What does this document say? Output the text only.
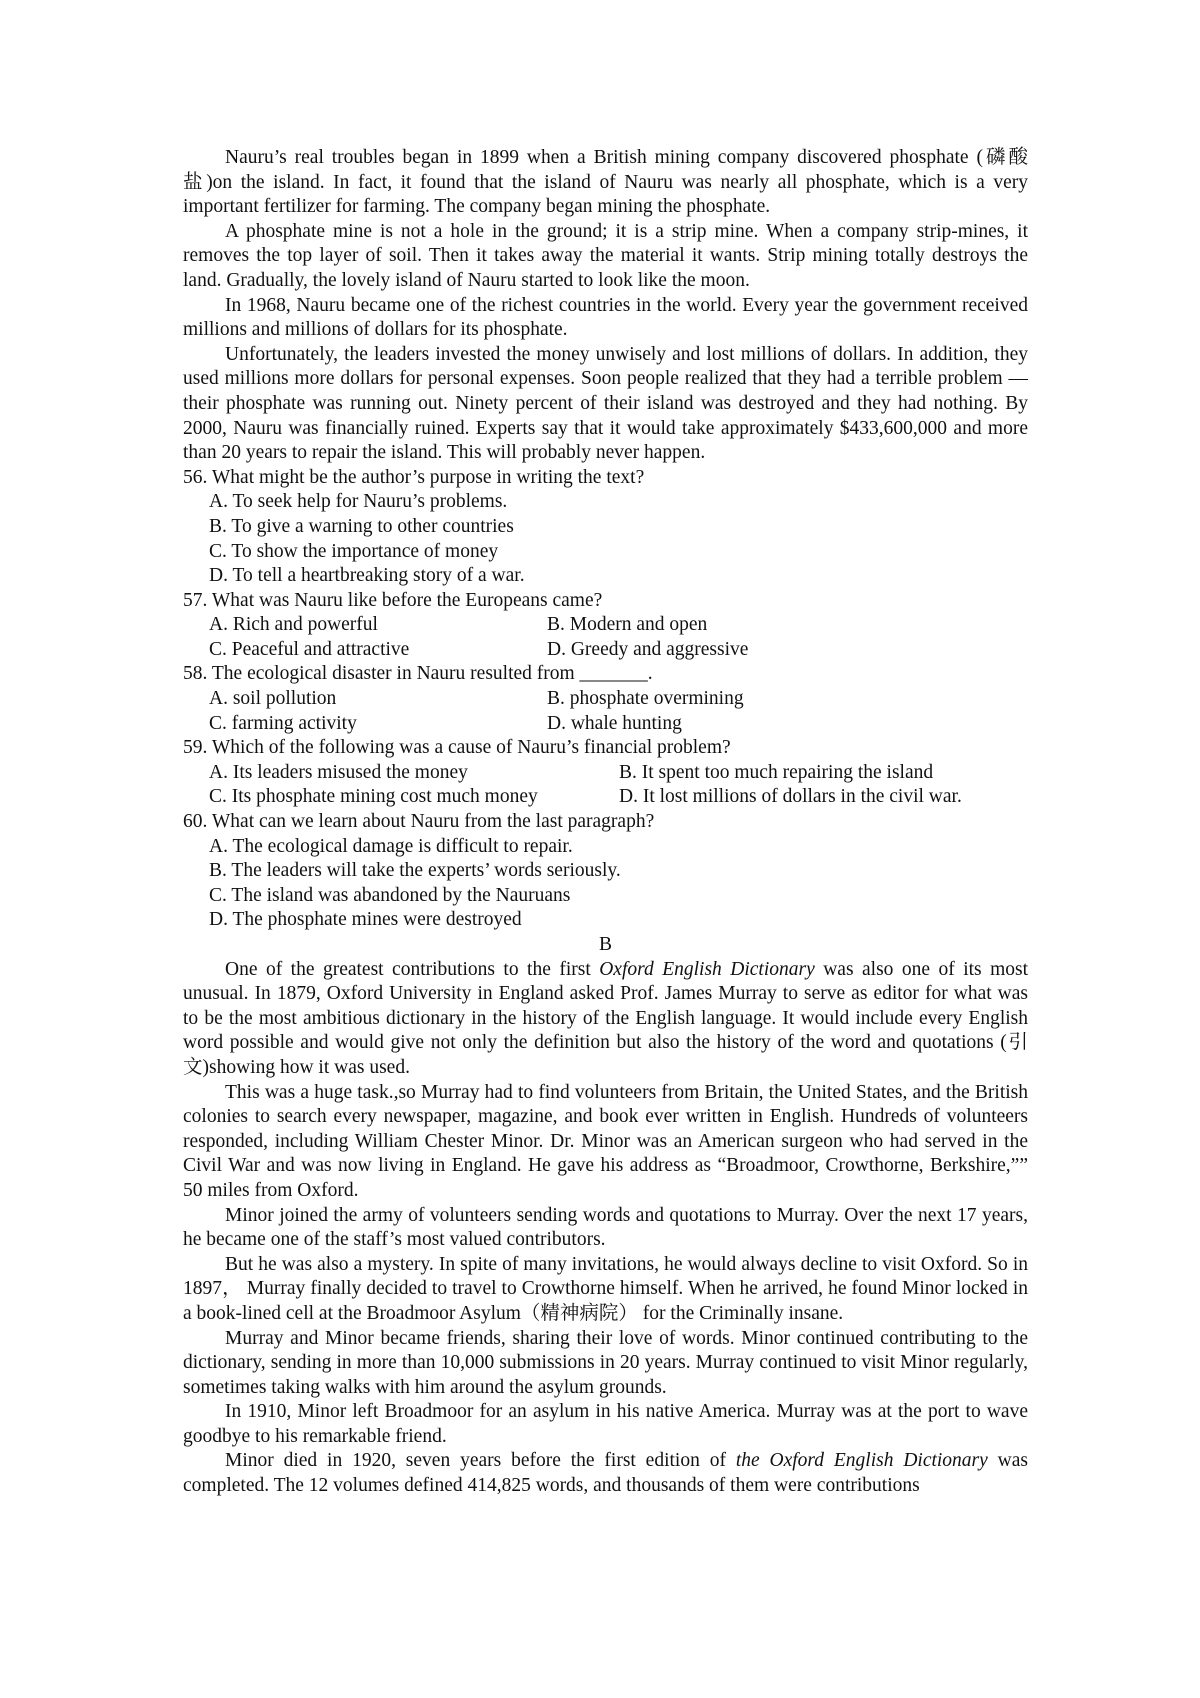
Nauru’s real troubles began in 1899 when a British mining company discovered phosphate (磷酸盐)on the island. In fact, it found that the island of Nauru was nearly all phosphate, which is a very important fertilizer for farming. The company began mining the phosphate.

A phosphate mine is not a hole in the ground; it is a strip mine. When a company strip-mines, it removes the top layer of soil. Then it takes away the material it wants. Strip mining totally destroys the land. Gradually, the lovely island of Nauru started to look like the moon.

In 1968, Nauru became one of the richest countries in the world. Every year the government received millions and millions of dollars for its phosphate.

Unfortunately, the leaders invested the money unwisely and lost millions of dollars. In addition, they used millions more dollars for personal expenses. Soon people realized that they had a terrible problem — their phosphate was running out. Ninety percent of their island was destroyed and they had nothing. By 2000, Nauru was financially ruined. Experts say that it would take approximately $433,600,000 and more than 20 years to repair the island. This will probably never happen.

56. What might be the author’s purpose in writing the text?

A. To seek help for Nauru’s problems.

B. To give a warning to other countries

C. To show the importance of money

D. To tell a heartbreaking story of a war.

57. What was Nauru like before the Europeans came?

A. Rich and powerful	B. Modern and open
C. Peaceful and attractive	D. Greedy and aggressive

58. The ecological disaster in Nauru resulted from _______.

A. soil pollution	B. phosphate overmining
C. farming activity	D. whale hunting

59. Which of the following was a cause of Nauru’s financial problem?

A. Its leaders misused the money	B. It spent too much repairing the island
C. Its phosphate mining cost much money	D. It lost millions of dollars in the civil war.

60. What can we learn about Nauru from the last paragraph?

A. The ecological damage is difficult to repair.

B. The leaders will take the experts’ words seriously.

C. The island was abandoned by the Nauruans

D. The phosphate mines were destroyed

B

One of the greatest contributions to the first Oxford English Dictionary was also one of its most unusual. In 1879, Oxford University in England asked Prof. James Murray to serve as editor for what was to be the most ambitious dictionary in the history of the English language. It would include every English word possible and would give not only the definition but also the history of the word and quotations (引文)showing how it was used.

This was a huge task.,so Murray had to find volunteers from Britain, the United States, and the British colonies to search every newspaper, magazine, and book ever written in English. Hundreds of volunteers responded, including William Chester Minor. Dr. Minor was an American surgeon who had served in the Civil War and was now living in England. He gave his address as “Broadmoor, Crowthorne, Berkshire,”” 50 miles from Oxford.

Minor joined the army of volunteers sending words and quotations to Murray. Over the next 17 years, he became one of the staff’s most valued contributors.

But he was also a mystery. In spite of many invitations, he would always decline to visit Oxford. So in 1897， Murray finally decided to travel to Crowthorne himself. When he arrived, he found Minor locked in a book-lined cell at the Broadmoor Asylum（精神病院） for the Criminally insane.

Murray and Minor became friends, sharing their love of words. Minor continued contributing to the dictionary, sending in more than 10,000 submissions in 20 years. Murray continued to visit Minor regularly, sometimes taking walks with him around the asylum grounds.

In 1910, Minor left Broadmoor for an asylum in his native America. Murray was at the port to wave goodbye to his remarkable friend.

Minor died in 1920, seven years before the first edition of the Oxford English Dictionary was completed. The 12 volumes defined 414,825 words, and thousands of them were contributions
